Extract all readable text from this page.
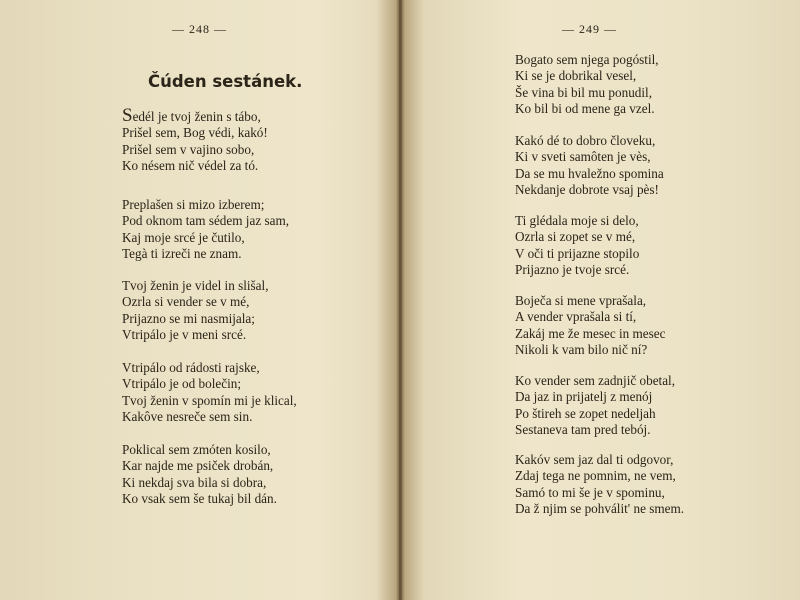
— 248 —
Čúden sestánek.
Sedél je tvoj ženin s tábo,
Prišel sem, Bog védi, kakó!
Prišel sem v vajino sobo,
Ko nésem nič védel za tó.
Preplašen si mizo izberem;
Pod oknom tam sédem jaz sam,
Kaj moje srcé je čutilo,
Tegà ti izreči ne znam.
Tvoj ženin je videl in slišal,
Ozrla si vender se v mé,
Prijazno se mi nasmijala;
Vtripálo je v meni srcé.
Vtripálo od rádosti rajske,
Vtripálo je od bolečin;
Tvoj ženin v spomín mi je klical,
Kakôve nesreče sem sin.
Poklical sem zmóten kosilo,
Kar najde me psiček drobán,
Ki nekdaj sva bila si dobra,
Ko vsak sem še tukaj bil dán.
— 249 —
Bogato sem njega pogóstil,
Ki se je dobrikal vesel,
Še vina bi bil mu ponudil,
Ko bil bi od mene ga vzel.
Kakó dé to dobro človeku,
Ki v sveti samôten je vès,
Da se mu hvaležno spomina
Nekdanje dobrote vsaj pès!
Ti glédala moje si delo,
Ozrla si zopet se v mé,
V oči ti prijazne stopilo
Prijazno je tvoje srcé.
Boječa si mene vprašala,
A vender vprašala si tí,
Zakáj me že mesec in mesec
Nikoli k vam bilo nič ní?
Ko vender sem zadnjič obetal,
Da jaz in prijatelj z menój
Po štireh se zopet nedeljah
Sestaneva tam pred tebój.
Kakóv sem jaz dal ti odgovor,
Zdaj tega ne pomnim, ne vem,
Samó to mi še je v spominu,
Da ž njim se pohválit' ne smem.
